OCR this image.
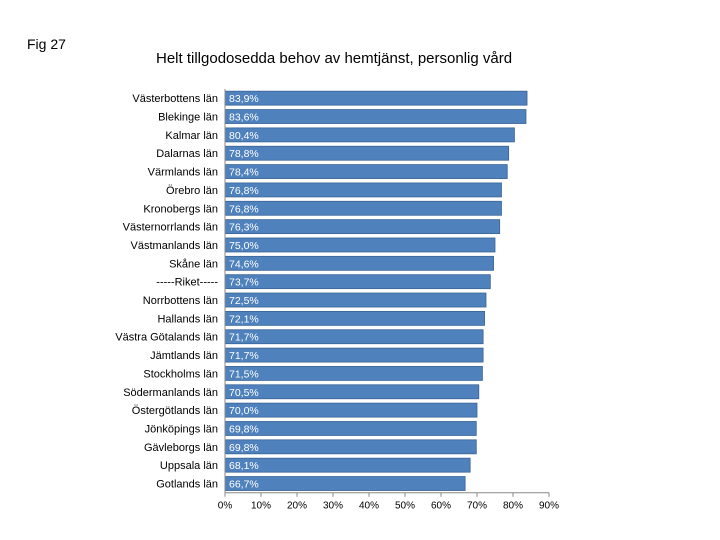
Fig 27
Helt tillgodosedda behov av hemtjänst, personlig vård
Västerbottens län 83,9%
Blekinge län 83,6%
Kalmar län 80,4%
Dalarnas län 78,8%
Värmlands län 78,4%
Örebro län 76,8%
Kronobergs län 76,8%
Västernorrlands län 76,3%
Västmanlands län 75,0%
Skåne län 74,6%
-----Riket----- 73,7%
Norrbottens län 72,5%
Hallands län 72,1%
Västra Götalands län 71,7%
Jämtlands län 71,7%
Stockholms län 71,5%
Södermanlands län 70,5%
Östergötlands län 70,0%
Jönköpings län 69,8%
Gävleborgs län 69,8%
Uppsala län 68,1%
Gotlands län 66,7%
0% 10% 20% 30% 40% 50% 60% 70% 80% 90%
